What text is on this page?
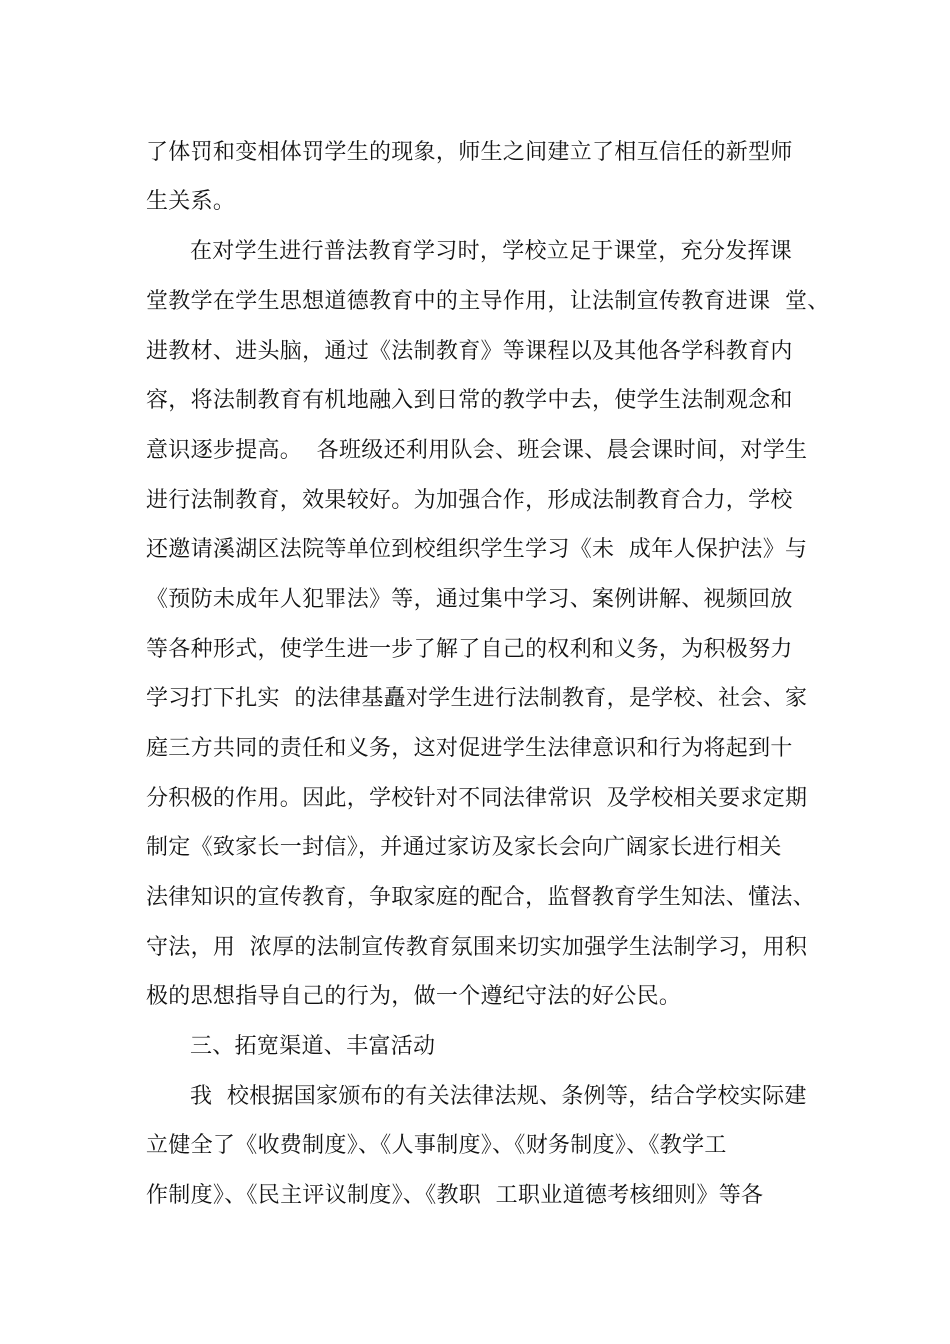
了体罚和变相体罚学生的现象，师生之间建立了相互信任的新型师
生关系。
在对学生进行普法教育学习时，学校立足于课堂，充分发挥课
堂教学在学生思想道德教育中的主导作用，让法制宣传教育进课  堂、
进教材、进头脑，通过《法制教育》等课程以及其他各学科教育内
容，将法制教育有机地融入到日常的教学中去，使学生法制观念和
意识逐步提高。  各班级还利用队会、班会课、晨会课时间，对学生
进行法制教育，效果较好。为加强合作，形成法制教育合力，学校
还邀请溪湖区法院等单位到校组织学生学习《未  成年人保护法》与
《预防未成年人犯罪法》等，通过集中学习、案例讲解、视频回放
等各种形式，使学生进一步了解了自己的权利和义务，为积极努力
学习打下扎实  的法律基矗对学生进行法制教育，是学校、社会、家
庭三方共同的责任和义务，这对促进学生法律意识和行为将起到十
分积极的作用。因此，学校针对不同法律常识  及学校相关要求定期
制定《致家长一封信》，并通过家访及家长会向广阔家长进行相关
法律知识的宣传教育，争取家庭的配合，监督教育学生知法、懂法、
守法，用  浓厚的法制宣传教育氛围来切实加强学生法制学习，用积
极的思想指导自己的行为，做一个遵纪守法的好公民。
三、拓宽渠道、丰富活动
我  校根据国家颁布的有关法律法规、条例等，结合学校实际建
立健全了《收费制度》、《人事制度》、《财务制度》、《教学工
作制度》、《民主评议制度》、《教职  工职业道德考核细则》等各
